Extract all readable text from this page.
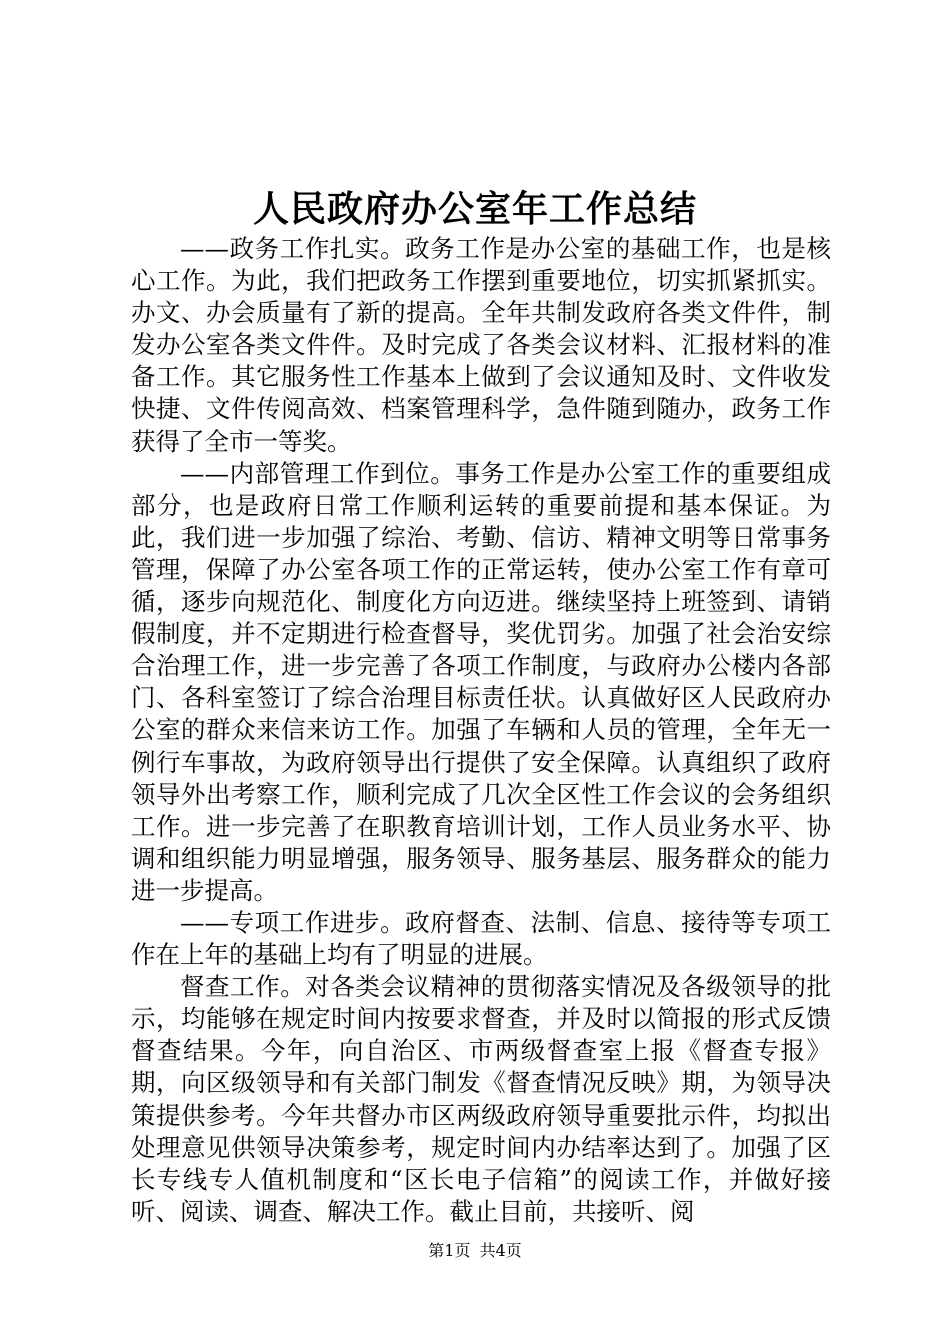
人民政府办公室年工作总结

——政务工作扎实。政务工作是办公室的基础工作，也是核心工作。为此，我们把政务工作摆到重要地位，切实抓紧抓实。办文、办会质量有了新的提高。全年共制发政府各类文件件，制发办公室各类文件件。及时完成了各类会议材料、汇报材料的准备工作。其它服务性工作基本上做到了会议通知及时、文件收发快捷、文件传阅高效、档案管理科学，急件随到随办，政务工作获得了全市一等奖。

——内部管理工作到位。事务工作是办公室工作的重要组成部分，也是政府日常工作顺利运转的重要前提和基本保证。为此，我们进一步加强了综治、考勤、信访、精神文明等日常事务管理，保障了办公室各项工作的正常运转，使办公室工作有章可循，逐步向规范化、制度化方向迈进。继续坚持上班签到、请销假制度，并不定期进行检查督导，奖优罚劣。加强了社会治安综合治理工作，进一步完善了各项工作制度，与政府办公楼内各部门、各科室签订了综合治理目标责任状。认真做好区人民政府办公室的群众来信来访工作。加强了车辆和人员的管理，全年无一例行车事故，为政府领导出行提供了安全保障。认真组织了政府领导外出考察工作，顺利完成了几次全区性工作会议的会务组织工作。进一步完善了在职教育培训计划，工作人员业务水平、协调和组织能力明显增强，服务领导、服务基层、服务群众的能力进一步提高。

——专项工作进步。政府督查、法制、信息、接待等专项工作在上年的基础上均有了明显的进展。

督查工作。对各类会议精神的贯彻落实情况及各级领导的批示，均能够在规定时间内按要求督查，并及时以简报的形式反馈督查结果。今年，向自治区、市两级督查室上报《督查专报》期，向区级领导和有关部门制发《督查情况反映》期，为领导决策提供参考。今年共督办市区两级政府领导重要批示件，均拟出处理意见供领导决策参考，规定时间内办结率达到了。加强了区长专线专人值机制度和“区长电子信箱”的阅读工作，并做好接听、阅读、调查、解决工作。截止目前，共接听、阅

第1页 共4页
